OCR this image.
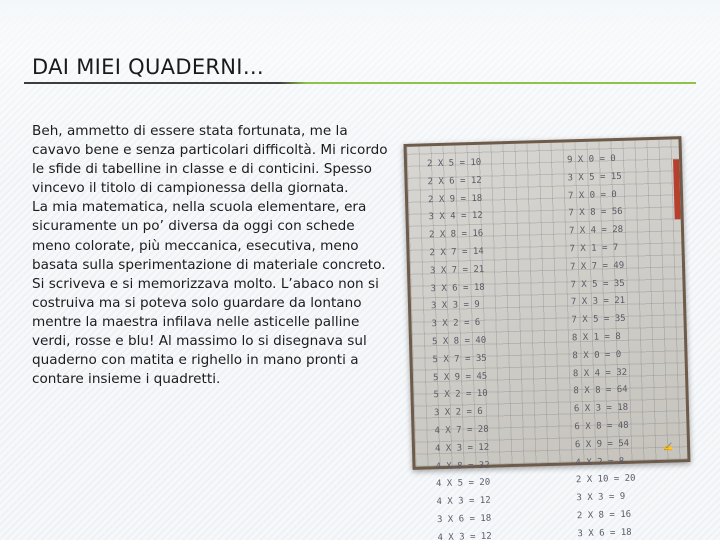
DAI MIEI QUADERNI…

Beh, ammetto di essere stata fortunata, me la cavavo bene e senza particolari difficoltà. Mi ricordo le sfide di tabelline in classe e di conticini. Spesso vincevo il titolo di campionessa della giornata.

La mia matematica, nella scuola elementare, era sicuramente un po’ diversa da oggi con schede meno colorate, più meccanica, esecutiva, meno basata sulla sperimentazione di materiale concreto.

Si scriveva e si memorizzava molto. L’abaco non si costruiva ma si poteva solo guardare da lontano mentre la maestra infilava nelle asticelle palline verdi, rosse e blu! Al massimo lo si disegnava sul quaderno con matita e righello in mano pronti a contare insieme i quadretti.

2 X 5 = 10
2 X 6 = 12
2 X 9 = 18
3 X 4 = 12
2 X 8 = 16
2 X 7 = 14
3 X 7 = 21
3 X 6 = 18
3 X 3 = 9
3 X 2 = 6
5 X 8 = 40
5 X 7 = 35
5 X 9 = 45
5 X 2 = 10
3 X 2 = 6
4 X 7 = 28
4 X 3 = 12
4 X 8 = 32
4 X 5 = 20
4 X 3 = 12
3 X 6 = 18
4 X 3 = 12
9 X 0 = 0
3 X 5 = 15
7 X 0 = 0
7 X 8 = 56
7 X 4 = 28
7 X 1 = 7
7 X 7 = 49
7 X 5 = 35
7 X 3 = 21
7 X 5 = 35
8 X 1 = 8
8 X 0 = 0
8 X 4 = 32
8 X 8 = 64
6 X 3 = 18
6 X 8 = 48
6 X 9 = 54
4 X 2 = 8
2 X 10 = 20
3 X 3 = 9
2 X 8 = 16
3 X 6 = 18
✍
